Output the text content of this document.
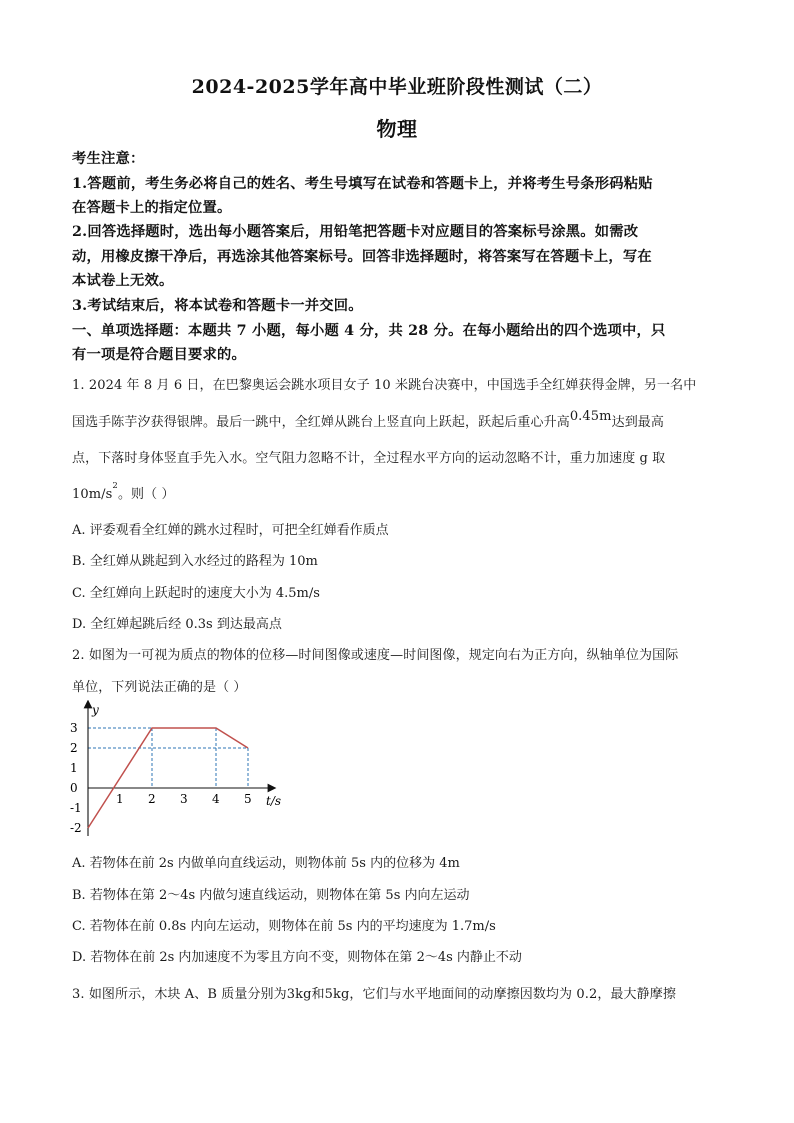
2024-2025学年高中毕业班阶段性测试（二）
物理
考生注意：
1.答题前，考生务必将自己的姓名、考生号填写在试卷和答题卡上，并将考生号条形码粘贴
在答题卡上的指定位置。
2.回答选择题时，选出每小题答案后，用铅笔把答题卡对应题目的答案标号涂黑。如需改
动，用橡皮擦干净后，再选涂其他答案标号。回答非选择题时，将答案写在答题卡上，写在
本试卷上无效。
3.考试结束后，将本试卷和答题卡一并交回。
一、单项选择题：本题共 7 小题，每小题 4 分，共 28 分。在每小题给出的四个选项中，只
有一项是符合题目要求的。
1. 2024 年 8 月 6 日，在巴黎奥运会跳水项目女子 10 米跳台决赛中，中国选手全红婵获得金牌，另一名中
国选手陈芋汐获得银牌。最后一跳中，全红婵从跳台上竖直向上跃起，跃起后重心升高0.45m达到最高
点，下落时身体竖直手先入水。空气阻力忽略不计，全过程水平方向的运动忽略不计，重力加速度 g 取
$10m/s^2$。则（ ）
A. 评委观看全红婵的跳水过程时，可把全红婵看作质点
B. 全红婵从跳起到入水经过的路程为 10m
C. 全红婵向上跃起时的速度大小为 4.5m/s
D. 全红婵起跳后经 0.3s 到达最高点
2. 如图为一可视为质点的物体的位移—时间图像或速度—时间图像，规定向右为正方向，纵轴单位为国际
单位，下列说法正确的是（ ）
y
t/s
1 2 3 4 5
3
2
1
0
-1
-2
A. 若物体在前 2s 内做单向直线运动，则物体前 5s 内的位移为 4m
B. 若物体在第 2～4s 内做匀速直线运动，则物体在第 5s 内向左运动
C. 若物体在前 0.8s 内向左运动，则物体在前 5s 内的平均速度为 1.7m/s
D. 若物体在前 2s 内加速度不为零且方向不变，则物体在第 2～4s 内静止不动
3. 如图所示，木块 A、B 质量分别为3kg和5kg，它们与水平地面间的动摩擦因数均为 0.2，最大静摩擦
